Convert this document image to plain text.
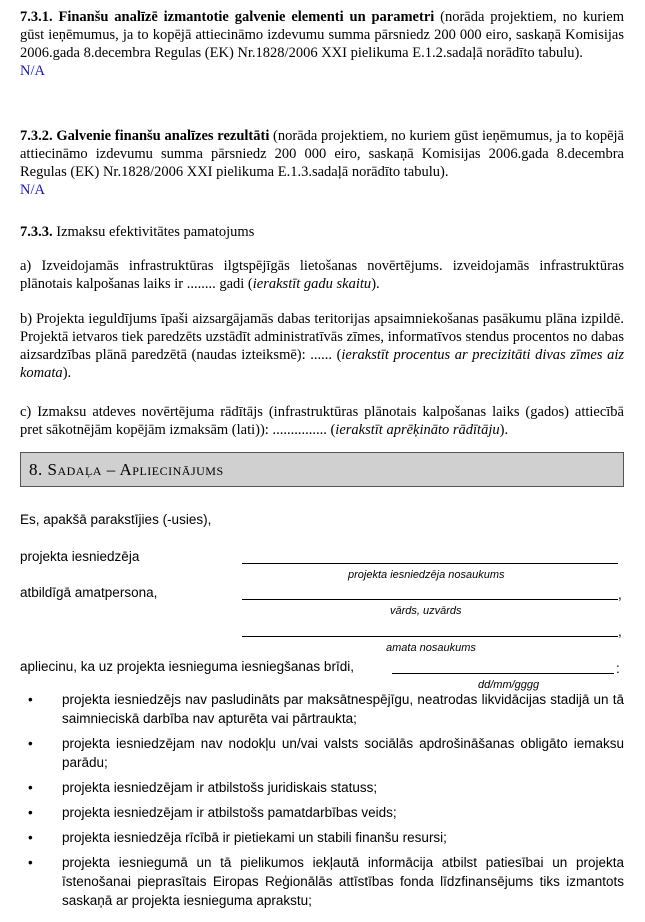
7.3.1. Finanšu analīzē izmantotie galvenie elementi un parametri (norāda projektiem, no kuriem gūst ieņēmumus, ja to kopējā attiecināmo izdevumu summa pārsniedz 200 000 eiro, saskaņā Komisijas 2006.gada 8.decembra Regulas (EK) Nr.1828/2006 XXI pielikuma E.1.2.sadaļā norādīto tabulu).

N/A

7.3.2. Galvenie finanšu analīzes rezultāti (norāda projektiem, no kuriem gūst ieņēmumus, ja to kopējā attiecināmo izdevumu summa pārsniedz 200 000 eiro, saskaņā Komisijas 2006.gada 8.decembra Regulas (EK) Nr.1828/2006 XXI pielikuma E.1.3.sadaļā norādīto tabulu).

N/A

7.3.3. Izmaksu efektivitātes pamatojums

a) Izveidojamās infrastruktūras ilgtspējīgās lietošanas novērtējums. izveidojamās infrastruktūras plānotais kalpošanas laiks ir ........ gadi (ierakstīt gadu skaitu).

b) Projekta ieguldījums īpaši aizsargājamās dabas teritorijas apsaimniekošanas pasākumu plāna izpildē. Projektā ietvaros tiek paredzēts uzstādīt administratīvās zīmes, informatīvos stendus procentos no dabas aizsardzības plānā paredzētā (naudas izteiksmē): ...... (ierakstīt procentus ar precizitāti divas zīmes aiz komata).

c) Izmaksu atdeves novērtējuma rādītājs (infrastruktūras plānotais kalpošanas laiks (gados) attiecībā pret sākotnējām kopējām izmaksām (lati)): ............... (ierakstīt aprēķināto rādītāju).

8. Sadaļa – Apliecinājums
Es, apakšā parakstījies (-usies),
projekta iesniedzēja
projekta iesniedzēja nosaukums
atbildīgā amatpersona,	,
vārds, uzvārds
,
amata nosaukums
apliecinu, ka uz projekta iesnieguma iesniegšanas brīdi,	:
dd/mm/gggg
• projekta iesniedzējs nav pasludināts par maksātnespējīgu, neatrodas likvidācijas stadijā un tā saimnieciskā darbība nav apturēta vai pārtraukta;
• projekta iesniedzējam nav nodokļu un/vai valsts sociālās apdrošināšanas obligāto iemaksu parādu;
• projekta iesniedzējam ir atbilstošs juridiskais statuss;
• projekta iesniedzējam ir atbilstošs pamatdarbības veids;
• projekta iesniedzēja rīcībā ir pietiekami un stabili finanšu resursi;
• projekta iesniegumā un tā pielikumos iekļautā informācija atbilst patiesībai un projekta īstenošanai pieprasītais Eiropas Reģionālās attīstības fonda līdzfinansējums tiks izmantots saskaņā ar projekta iesnieguma aprakstu;
